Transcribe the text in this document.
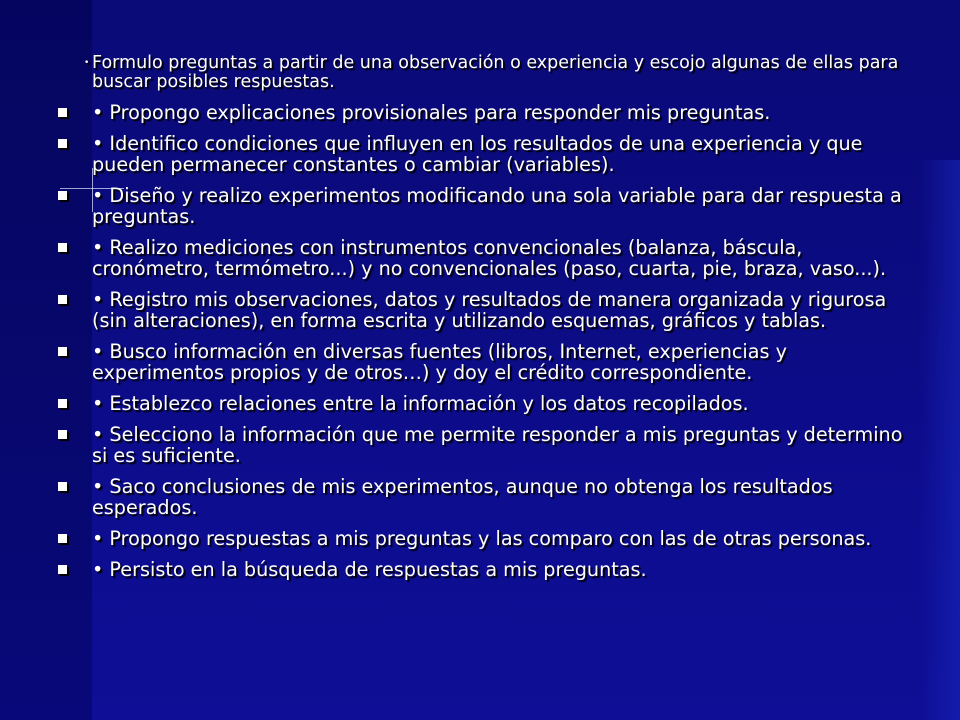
• Formulo preguntas a partir de una observación o experiencia y escojo algunas de ellas para buscar posibles respuestas.
• Propongo explicaciones provisionales para responder mis preguntas.
• Identifico condiciones que influyen en los resultados de una experiencia y que pueden permanecer constantes o cambiar (variables).
• Diseño y realizo experimentos modificando una sola variable para dar respuesta a preguntas.
• Realizo mediciones con instrumentos convencionales (balanza, báscula, cronómetro, termómetro...) y no convencionales (paso, cuarta, pie, braza, vaso...).
• Registro mis observaciones, datos y resultados de manera organizada y rigurosa (sin alteraciones), en forma escrita y utilizando esquemas, gráficos y tablas.
• Busco información en diversas fuentes (libros, Internet, experiencias y experimentos propios y de otros…) y doy el crédito correspondiente.
• Establezco relaciones entre la información y los datos recopilados.
• Selecciono la información que me permite responder a mis preguntas y determino si es suficiente.
• Saco conclusiones de mis experimentos, aunque no obtenga los resultados esperados.
• Propongo respuestas a mis preguntas y las comparo con las de otras personas.
• Persisto en la búsqueda de respuestas a mis preguntas.
